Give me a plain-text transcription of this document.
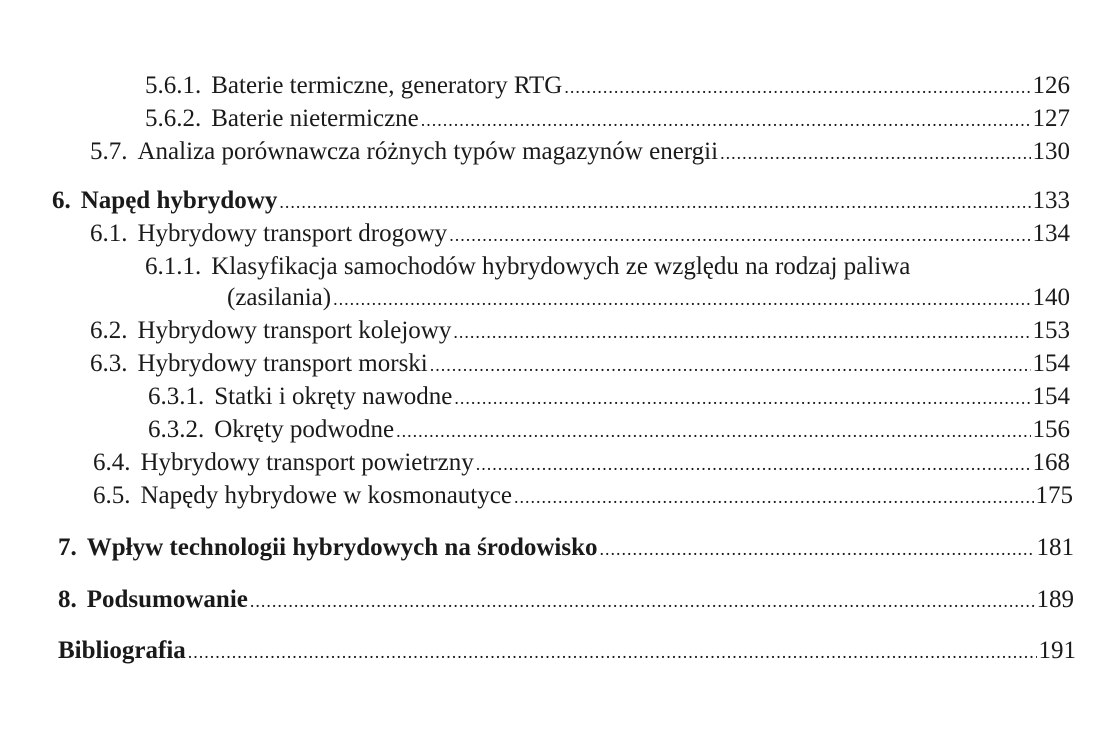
5.6.1. Baterie termiczne, generatory RTG .....	126
5.6.2. Baterie nietermiczne .....	127
5.7. Analiza porównawcza różnych typów magazynów energii .....	130
6. Napęd hybrydowy .....	133
6.1. Hybrydowy transport drogowy .....	134
6.1.1. Klasyfikacja samochodów hybrydowych ze względu na rodzaj paliwa
(zasilania) .....	140
6.2. Hybrydowy transport kolejowy .....	153
6.3. Hybrydowy transport morski .....	154
6.3.1. Statki i okręty nawodne .....	154
6.3.2. Okręty podwodne .....	156
6.4. Hybrydowy transport powietrzny .....	168
6.5. Napędy hybrydowe w kosmonautyce .....	175
7. Wpływ technologii hybrydowych na środowisko .....	181
8. Podsumowanie .....	189
Bibliografia .....	191
